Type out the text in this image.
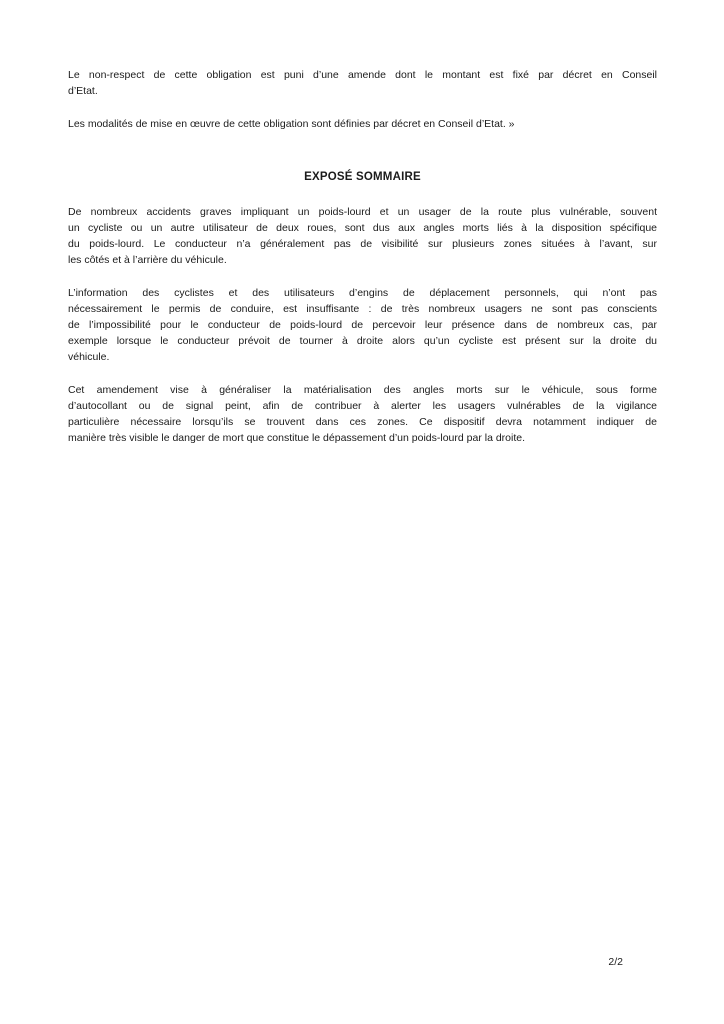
Le non-respect de cette obligation est puni d’une amende dont le montant est fixé par décret en Conseil
d’Etat.
Les modalités de mise en œuvre de cette obligation sont définies par décret en Conseil d’Etat. »
EXPOSÉ SOMMAIRE
De nombreux accidents graves impliquant un poids-lourd et un usager de la route plus vulnérable, souvent
un cycliste ou un autre utilisateur de deux roues, sont dus aux angles morts liés à la disposition spécifique
du poids-lourd. Le conducteur n’a généralement pas de visibilité sur plusieurs zones situées à l’avant, sur
les côtés et à l’arrière du véhicule.
L’information des cyclistes et des utilisateurs d’engins de déplacement personnels, qui n’ont pas
nécessairement le permis de conduire, est insuffisante : de très nombreux usagers ne sont pas conscients
de l’impossibilité pour le conducteur de poids-lourd de percevoir leur présence dans de nombreux cas, par
exemple lorsque le conducteur prévoit de tourner à droite alors qu’un cycliste est présent sur la droite du
véhicule.
Cet amendement vise à généraliser la matérialisation des angles morts sur le véhicule, sous forme
d’autocollant ou de signal peint, afin de contribuer à alerter les usagers vulnérables de la vigilance
particulière nécessaire lorsqu’ils se trouvent dans ces zones. Ce dispositif devra notamment indiquer de
manière très visible le danger de mort que constitue le dépassement d’un poids-lourd par la droite.
2/2
